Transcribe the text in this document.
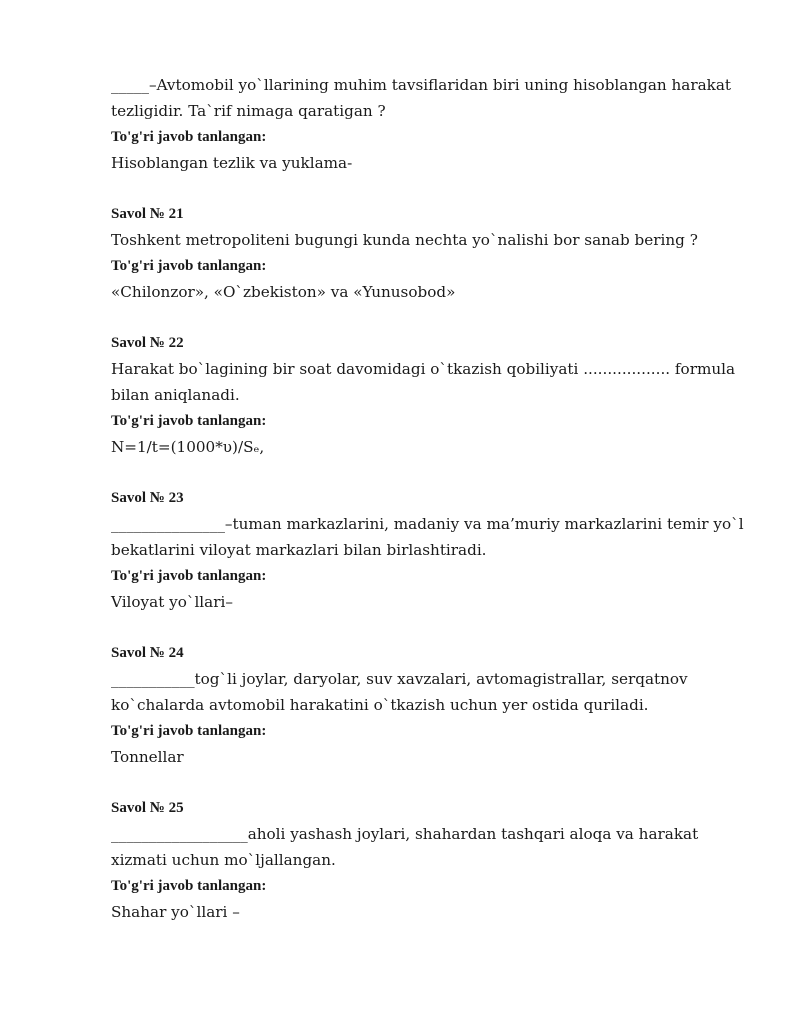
_____–Avtomobil yo`llarining muhim tavsiflaridan biri uning hisoblangan harakat tezligidir. Ta`rif nimaga qaratigan ?
To'g'ri javob tanlangan:
Hisoblangan tezlik va yuklama-
Savol № 21
Toshkent metropoliteni bugungi kunda nechta yo`nalishi bor sanab bering ?
To'g'ri javob tanlangan:
«Chilonzor», «O`zbekiston» va «Yunusobod»
Savol № 22
Harakat bo`lagining bir soat davomidagi o`tkazish qobiliyati .................. formula bilan aniqlanadi.
To'g'ri javob tanlangan:
N=1/t=(1000*υ)/Sₑ,
Savol № 23
_______________–tuman markazlarini, madaniy va ma’muriy markazlarini temir yo`l bekatlarini viloyat markazlari bilan birlashtiradi.
To'g'ri javob tanlangan:
Viloyat yo`llari–
Savol № 24
___________tog`li joylar, daryolar, suv xavzalari, avtomagistrallar, serqatnov ko`chalarda avtomobil harakatini o`tkazish uchun yer ostida quriladi.
To'g'ri javob tanlangan:
Tonnellar
Savol № 25
__________________aholi yashash joylari, shahardan tashqari aloqa va harakat xizmati uchun mo`ljallangan.
To'g'ri javob tanlangan:
Shahar yo`llari –
